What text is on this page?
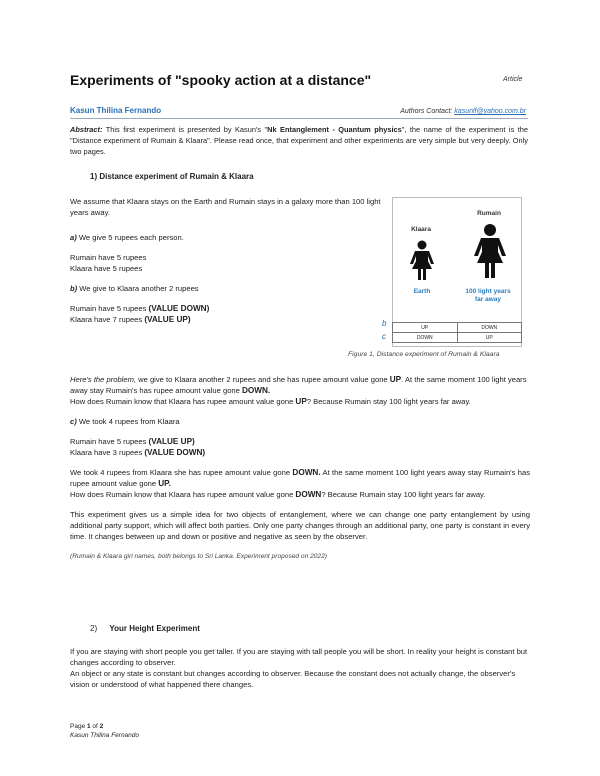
Experiments of "spooky action at a distance"	Article
Kasun Thilina Fernando	Authors Contact: kasunlf@yahoo.com.br

Abstract: This first experiment is presented by Kasun's "Nk Entanglement - Quantum physics", the name of the experiment is the "Distance experiment of Rumain & Klaara". Please read once, that experiment and other experiments are very simple but very deeply. Only two pages.

1) Distance experiment of Rumain & Klaara

We assume that Klaara stays on the Earth and Rumain stays in a galaxy more than 100 light years away.

a) We give 5 rupees each person.

Rumain have 5 rupees

Klaara have 5 rupees

b) We give to Klaara another 2 rupees

Rumain have 5 rupees (VALUE DOWN)

Klaara have 7 rupees (VALUE UP)

Klaara
Rumain
Earth	100 light years
far away
b
c
UP	DOWN
DOWN	UP
Figure 1, Distance experiment of Rumain & Klaara

Here's the problem, we give to Klaara another 2 rupees and she has rupee amount value gone UP. At the same moment 100 light years away stay Rumain's has rupee amount value gone DOWN.

How does Rumain know that Klaara has rupee amount value gone UP? Because Rumain stay 100 light years far away.

c) We took 4 rupees from Klaara

Rumain have 5 rupees (VALUE UP)

Klaara have 3 rupees (VALUE DOWN)

We took 4 rupees from Klaara she has rupee amount value gone DOWN. At the same moment 100 light years away stay Rumain's has rupee amount value gone UP.

How does Rumain know that Klaara has rupee amount value gone DOWN? Because Rumain stay 100 light years far away.

This experiment gives us a simple idea for two objects of entanglement, where we can change one party entanglement by using additional party support, which will affect both parties. Only one party changes through an additional party, one party is constant in every time. It changes between up and down or positive and negative as seen by the observer.

(Rumain & Klaara girl names, both belongs to Sri Lanka. Experiment proposed on 2022)

2) Your Height Experiment

If you are staying with short people you get taller. If you are staying with tall people you will be short. In reality your height is constant but changes according to observer.

An object or any state is constant but changes according to observer. Because the constant does not actually change, the observer's vision or understood of what happened there changes.

Page 1 of 2
Kasun Thilina Fernando
